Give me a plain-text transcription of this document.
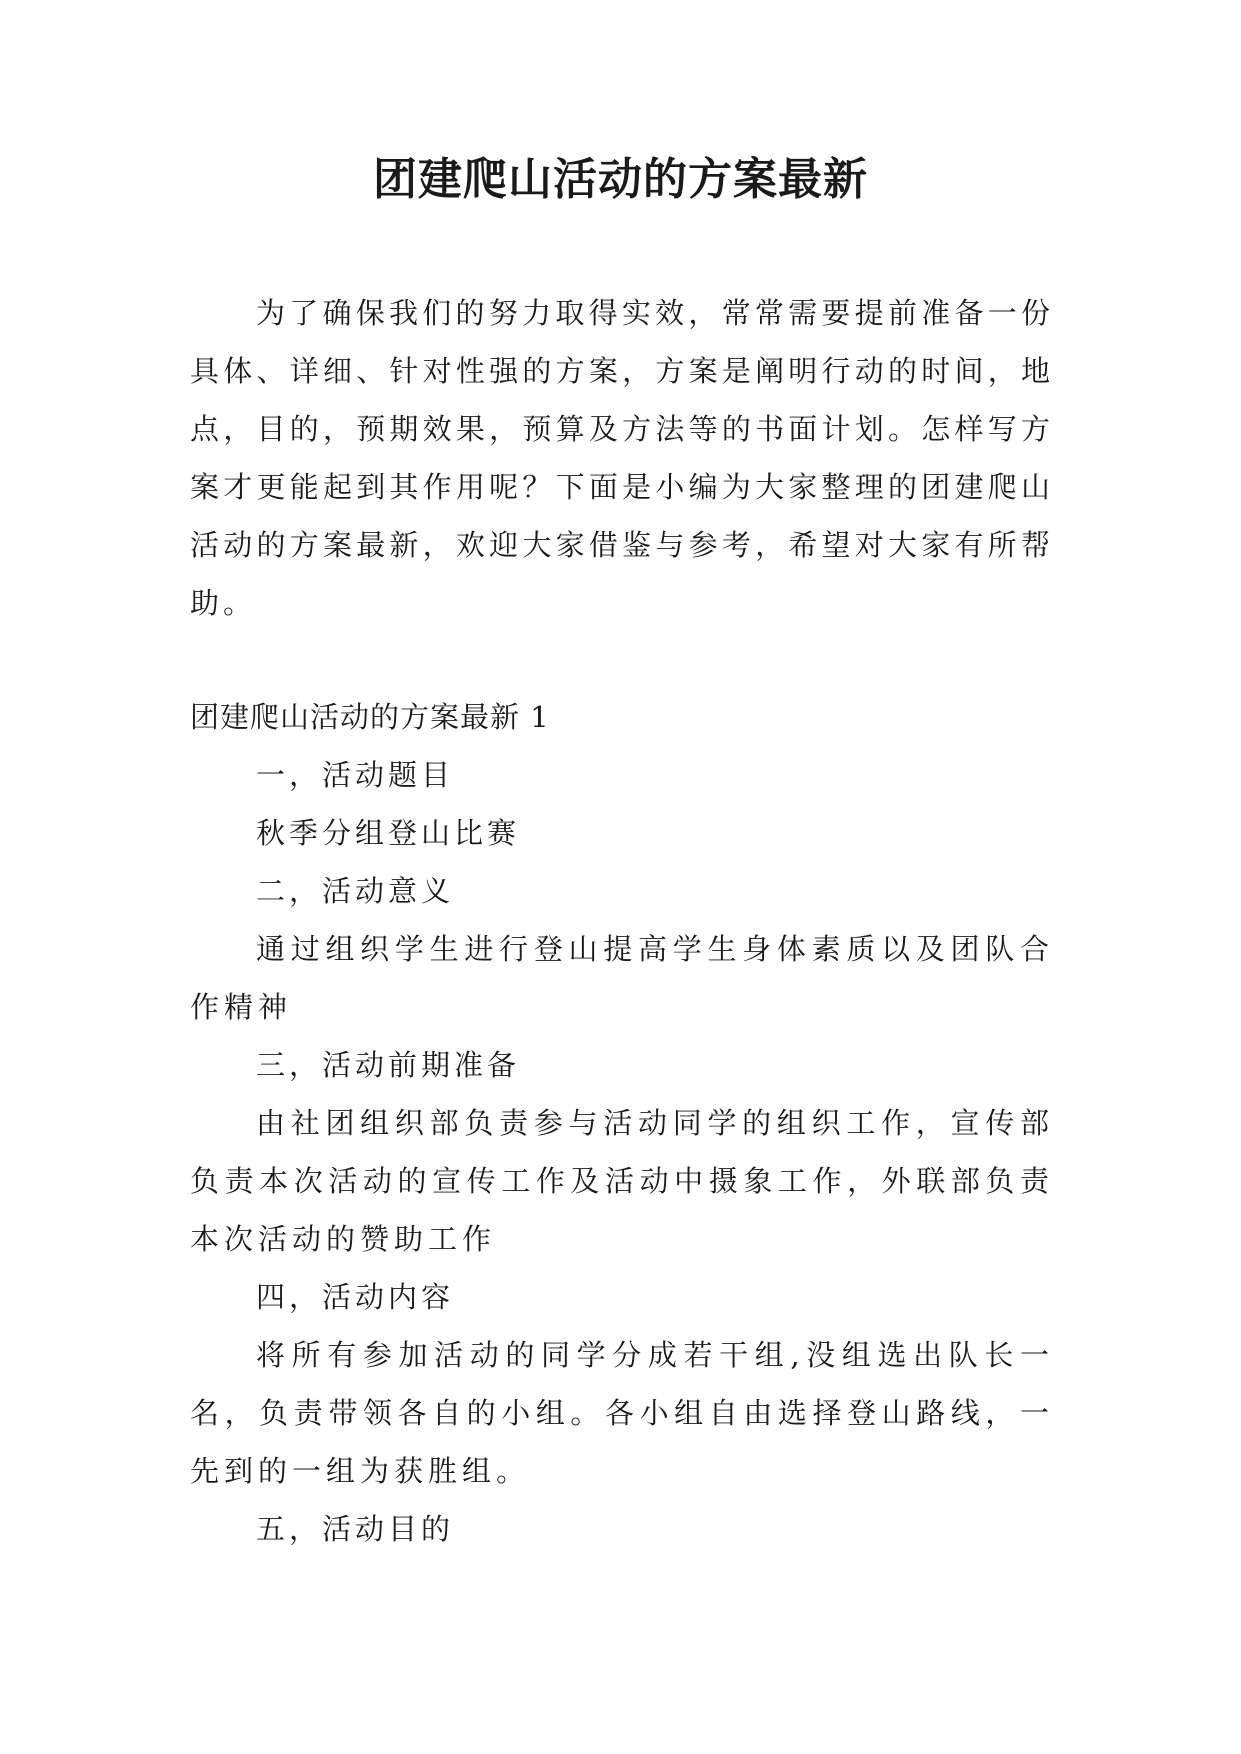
团建爬山活动的方案最新

为了确保我们的努力取得实效，常常需要提前准备一份具体、详细、针对性强的方案，方案是阐明行动的时间，地点，目的，预期效果，预算及方法等的书面计划。怎样写方案才更能起到其作用呢？下面是小编为大家整理的团建爬山活动的方案最新，欢迎大家借鉴与参考，希望对大家有所帮助。

团建爬山活动的方案最新 1

一，活动题目

秋季分组登山比赛

二，活动意义

通过组织学生进行登山提高学生身体素质以及团队合作精神

三，活动前期准备

由社团组织部负责参与活动同学的组织工作，宣传部负责本次活动的宣传工作及活动中摄象工作，外联部负责本次活动的赞助工作

四，活动内容

将所有参加活动的同学分成若干组,没组选出队长一名，负责带领各自的小组。各小组自由选择登山路线，一先到的一组为获胜组。

五，活动目的
